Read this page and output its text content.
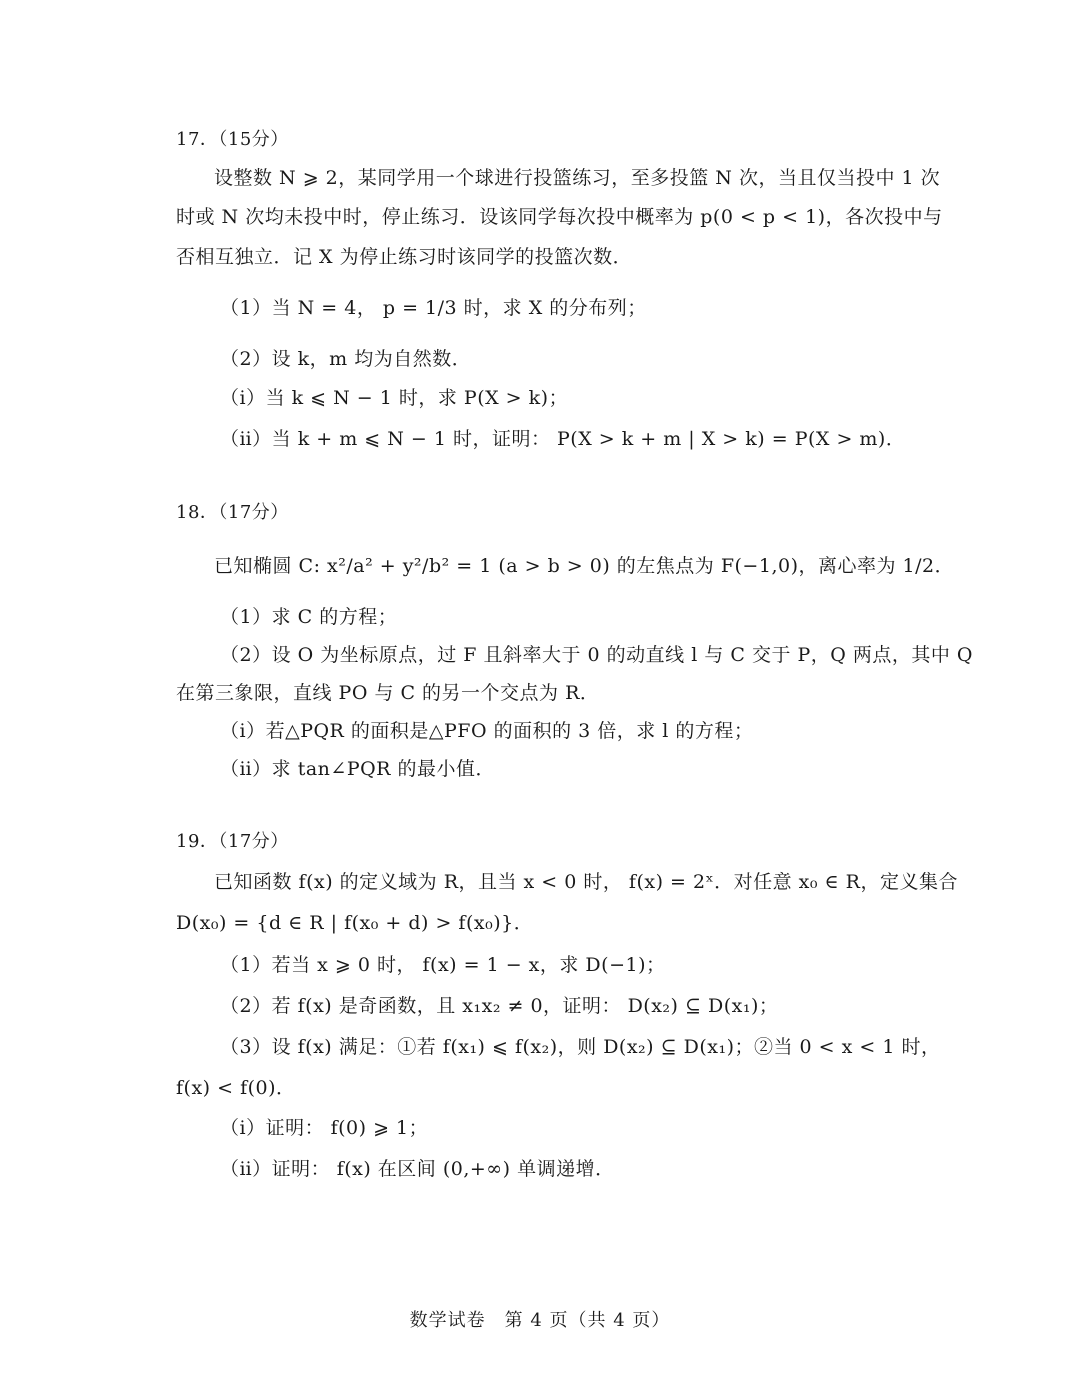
17．（15分）
设整数 N ⩾ 2，某同学用一个球进行投篮练习，至多投篮 N 次，当且仅当投中 1 次
时或 N 次均未投中时，停止练习．设该同学每次投中概率为 p(0 < p < 1)，各次投中与
否相互独立．记 X 为停止练习时该同学的投篮次数．
（1）当 N = 4， p = 1/3 时，求 X 的分布列；
（2）设 k，m 均为自然数．
（ⅰ）当 k ⩽ N − 1 时，求 P(X > k)；
（ⅱ）当 k + m ⩽ N − 1 时，证明： P(X > k + m | X > k) = P(X > m)．
18．（17分）
已知椭圆 C: x²/a² + y²/b² = 1 (a > b > 0) 的左焦点为 F(−1,0)，离心率为 1/2．
（1）求 C 的方程；
（2）设 O 为坐标原点，过 F 且斜率大于 0 的动直线 l 与 C 交于 P，Q 两点，其中 Q
在第三象限，直线 PO 与 C 的另一个交点为 R．
（ⅰ）若△PQR 的面积是△PFO 的面积的 3 倍，求 l 的方程；
（ⅱ）求 tan∠PQR 的最小值．
19．（17分）
已知函数 f(x) 的定义域为 R，且当 x < 0 时， f(x) = 2ˣ．对任意 x₀ ∈ R，定义集合
D(x₀) = {d ∈ R | f(x₀ + d) > f(x₀)}．
（1）若当 x ⩾ 0 时， f(x) = 1 − x，求 D(−1)；
（2）若 f(x) 是奇函数，且 x₁x₂ ≠ 0，证明： D(x₂) ⊆ D(x₁)；
（3）设 f(x) 满足：①若 f(x₁) ⩽ f(x₂)，则 D(x₂) ⊆ D(x₁)；②当 0 < x < 1 时，
f(x) < f(0)．
（ⅰ）证明： f(0) ⩾ 1；
（ⅱ）证明： f(x) 在区间 (0,+∞) 单调递增．
数学试卷　第 4 页（共 4 页）
